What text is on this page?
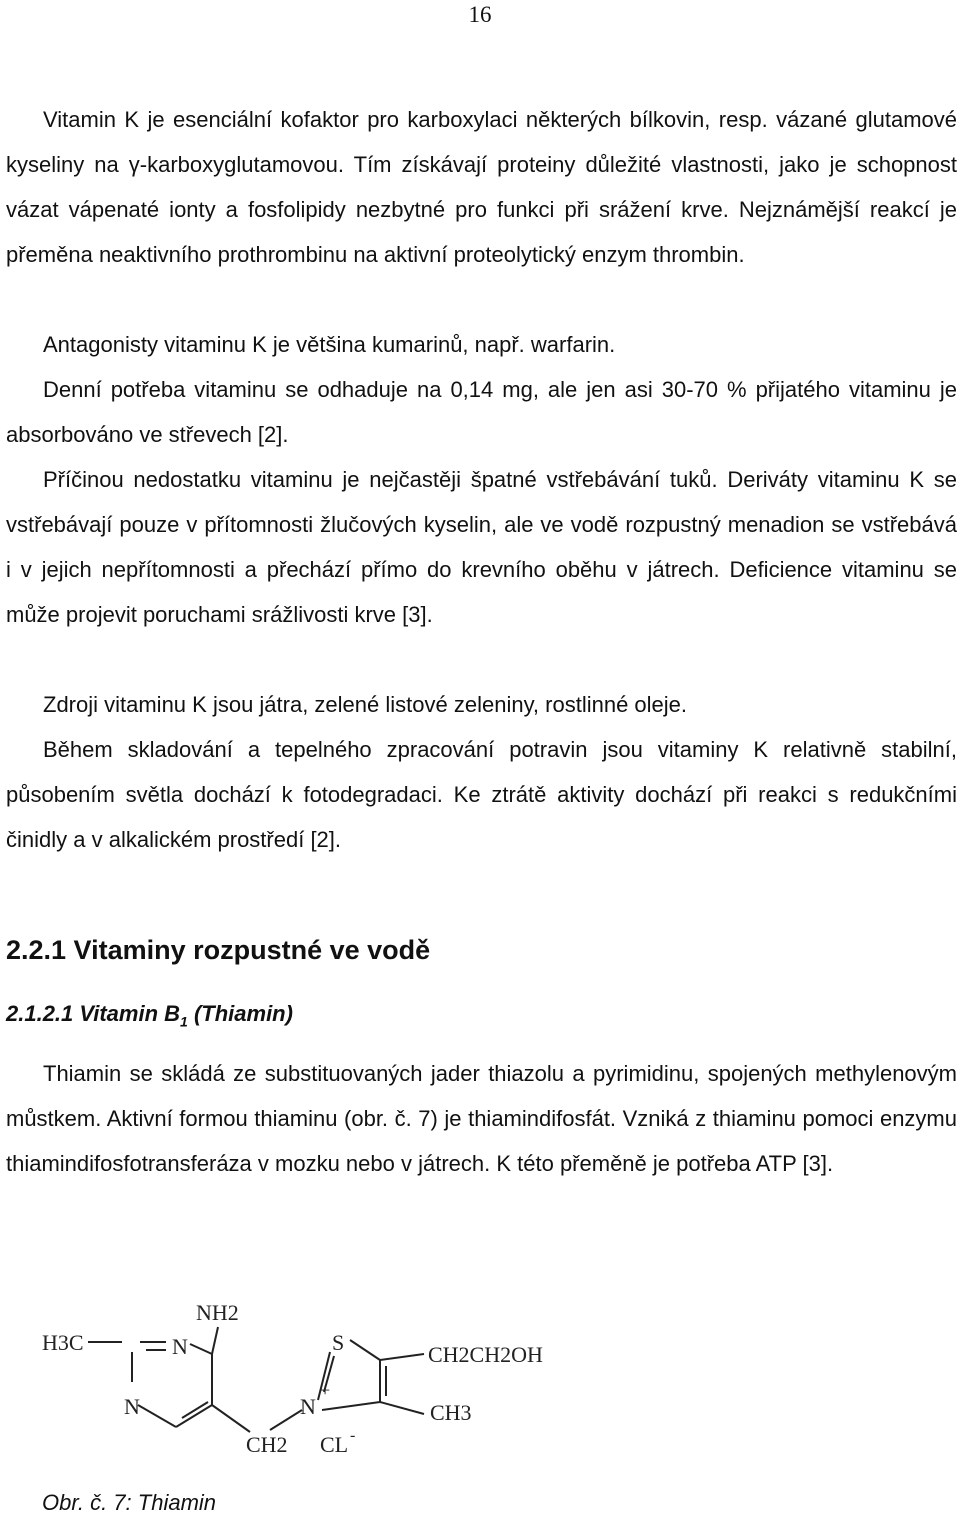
16

Vitamin K je esenciální kofaktor pro karboxylaci některých bílkovin, resp. vázané glutamové kyseliny na γ-karboxyglutamovou. Tím získávají proteiny důležité vlastnosti, jako je schopnost vázat vápenaté ionty a fosfolipidy nezbytné pro funkci při srážení krve. Nejznámější reakcí je přeměna neaktivního prothrombinu na aktivní proteolytický enzym thrombin.

Antagonisty vitaminu K je většina kumarinů, např. warfarin.

Denní potřeba vitaminu se odhaduje na 0,14 mg, ale jen asi 30-70 % přijatého vitaminu je absorbováno ve střevech [2].

Příčinou nedostatku vitaminu je nejčastěji špatné vstřebávání tuků. Deriváty vitaminu K se vstřebávají pouze v přítomnosti žlučových kyselin, ale ve vodě rozpustný menadion se vstřebává i v jejich nepřítomnosti a přechází přímo do krevního oběhu v játrech. Deficience vitaminu se může projevit poruchami srážlivosti krve [3].

Zdroji vitaminu K jsou játra, zelené listové zeleniny, rostlinné oleje.

Během skladování a tepelného zpracování potravin jsou vitaminy K relativně stabilní, působením světla dochází k fotodegradaci. Ke ztrátě aktivity dochází při reakci s redukčními činidly a v alkalickém prostředí [2].

2.2.1 Vitaminy rozpustné ve vodě
2.1.2.1 Vitamin $B_1$ (Thiamin)

Thiamin se skládá ze substituovaných jader thiazolu a pyrimidinu, spojených methylenovým můstkem. Aktivní formou thiaminu (obr. č. 7) je thiamindifosfát. Vzniká z thiaminu pomoci enzymu thiamindifosfotransferáza v mozku nebo v játrech. K této přeměně je potřeba ATP [3].

NH2
H3C	N
N
S	CH2CH2OH
N
+
CH3
CH2 CL -
Obr. č. 7: Thiamin
